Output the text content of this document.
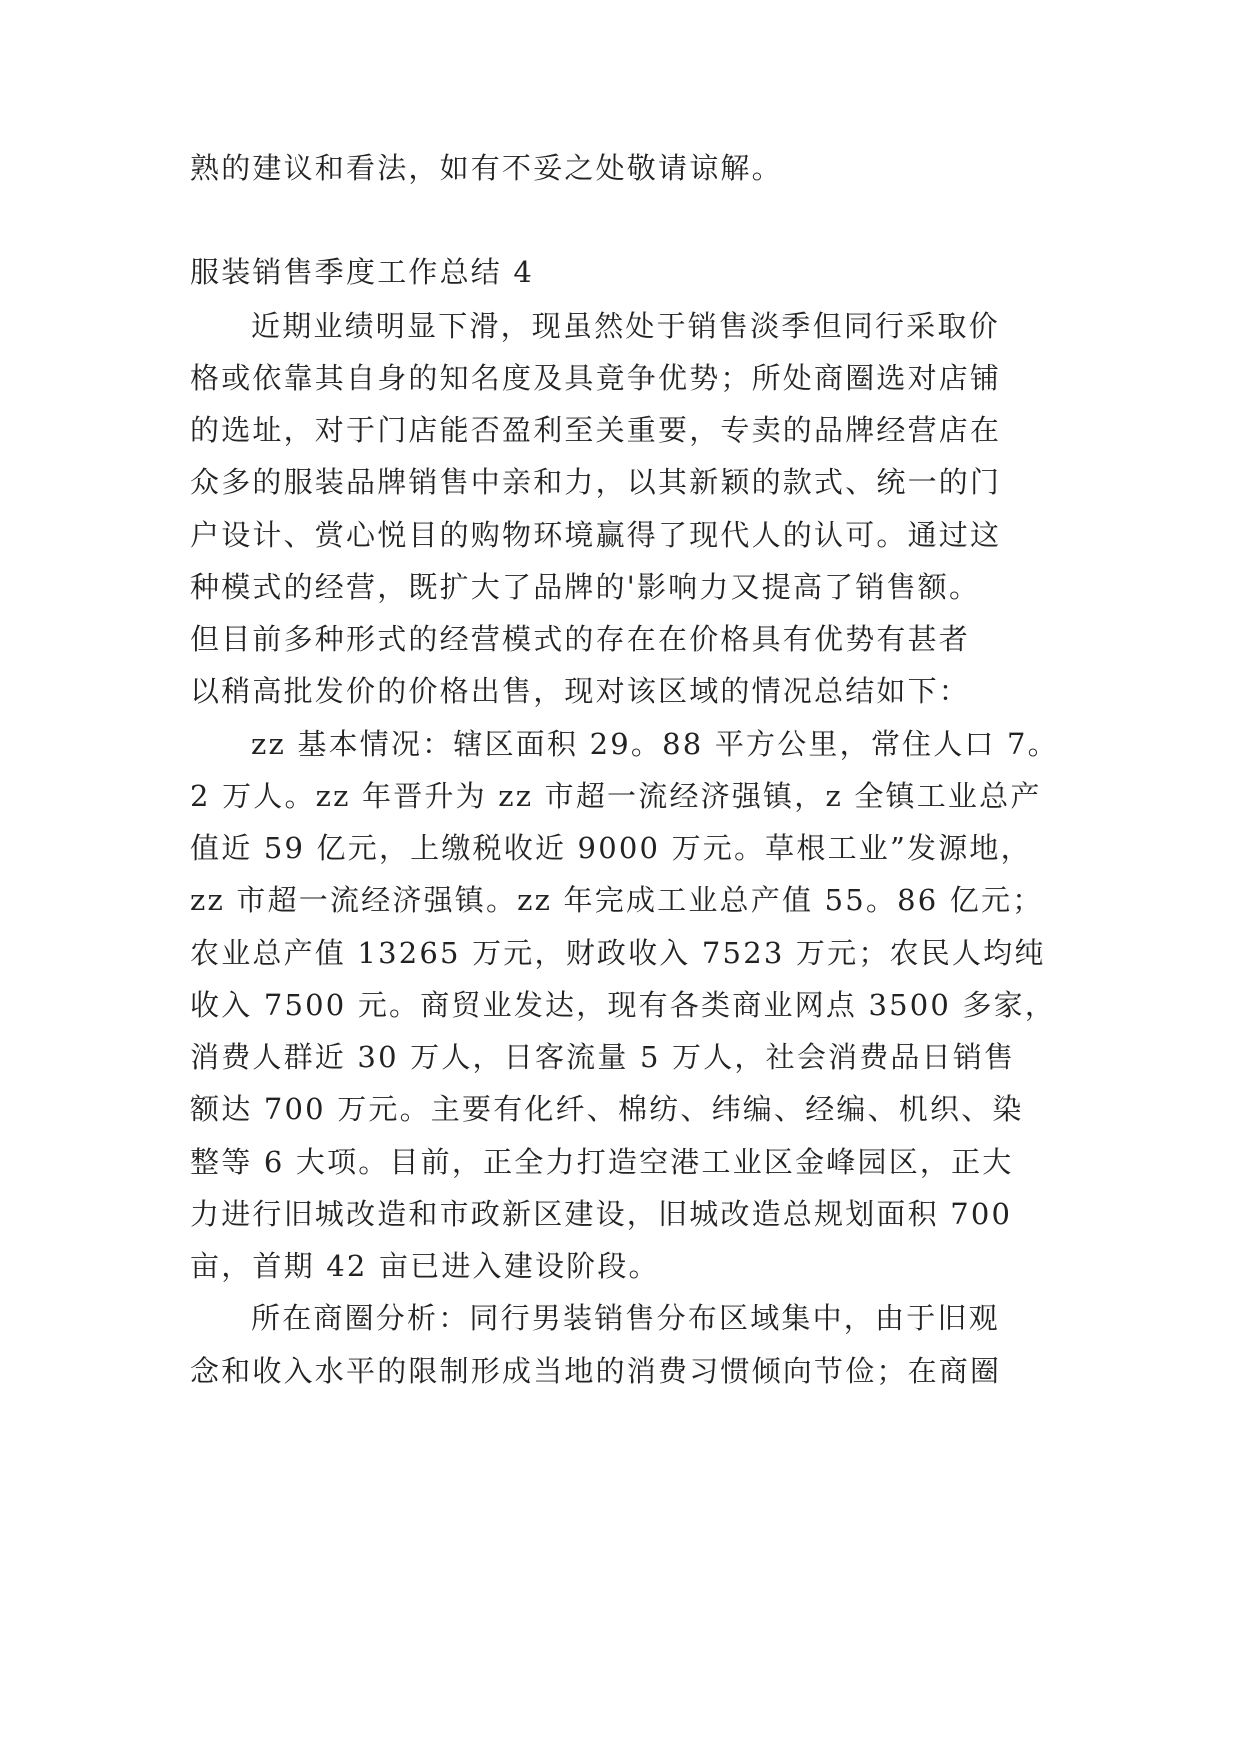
熟的建议和看法，如有不妥之处敬请谅解。
服装销售季度工作总结 4
近期业绩明显下滑，现虽然处于销售淡季但同行采取价
格或依靠其自身的知名度及具竟争优势；所处商圈选对店铺
的选址，对于门店能否盈利至关重要，专卖的品牌经营店在
众多的服装品牌销售中亲和力，以其新颖的款式、统一的门
户设计、赏心悦目的购物环境赢得了现代人的认可。通过这
种模式的经营，既扩大了品牌的'影响力又提高了销售额。
但目前多种形式的经营模式的存在在价格具有优势有甚者
以稍高批发价的价格出售，现对该区域的情况总结如下：
zz 基本情况：辖区面积 29。88 平方公里，常住人口 7。
2 万人。zz 年晋升为 zz 市超一流经济强镇，z 全镇工业总产
值近 59 亿元，上缴税收近 9000 万元。草根工业”发源地，
zz 市超一流经济强镇。zz 年完成工业总产值 55。86 亿元；
农业总产值 13265 万元，财政收入 7523 万元；农民人均纯
收入 7500 元。商贸业发达，现有各类商业网点 3500 多家，
消费人群近 30 万人，日客流量 5 万人，社会消费品日销售
额达 700 万元。主要有化纤、棉纺、纬编、经编、机织、染
整等 6 大项。目前，正全力打造空港工业区金峰园区，正大
力进行旧城改造和市政新区建设，旧城改造总规划面积 700
亩，首期 42 亩已进入建设阶段。
所在商圈分析：同行男装销售分布区域集中，由于旧观
念和收入水平的限制形成当地的消费习惯倾向节俭；在商圈
